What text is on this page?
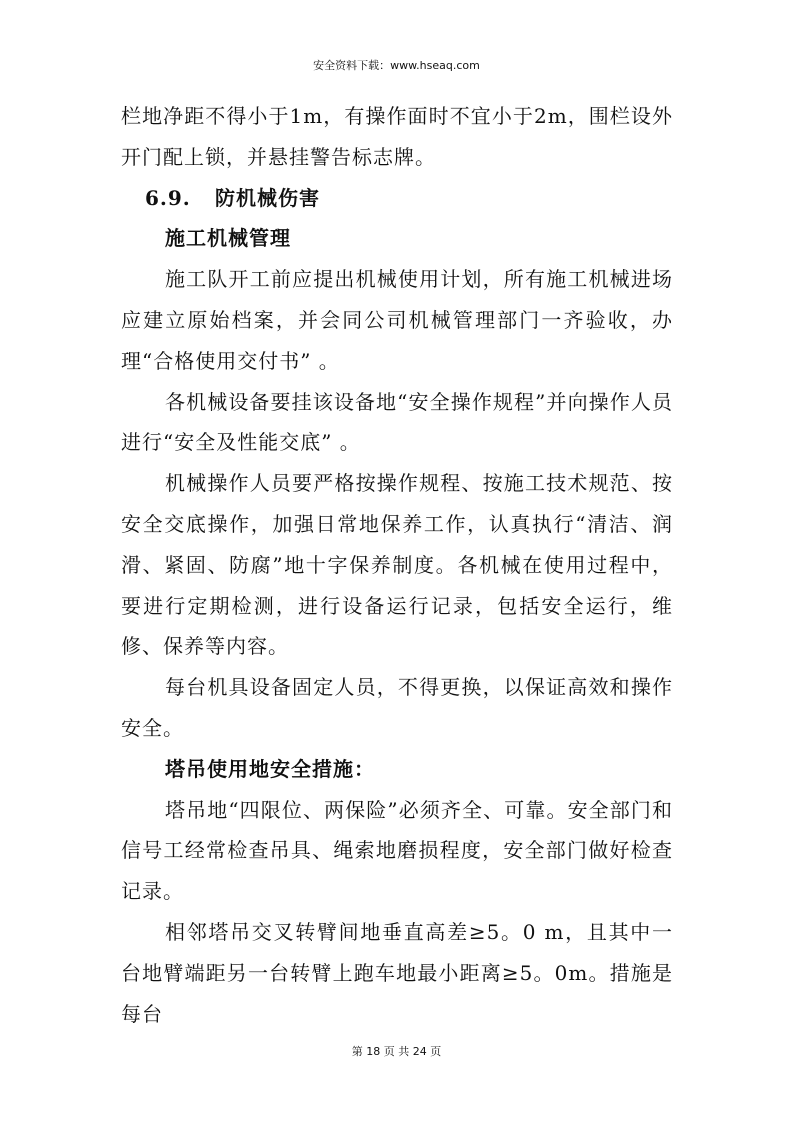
安全资料下载：www.hseaq.com

栏地净距不得小于1m，有操作面时不宜小于2m，围栏设外开门配上锁，并悬挂警告标志牌。

6.9. 防机械伤害
施工机械管理

施工队开工前应提出机械使用计划，所有施工机械进场应建立原始档案，并会同公司机械管理部门一齐验收，办理“合格使用交付书” 。

各机械设备要挂该设备地“安全操作规程”并向操作人员进行“安全及性能交底” 。

机械操作人员要严格按操作规程、按施工技术规范、按安全交底操作，加强日常地保养工作，认真执行“清洁、润滑、紧固、防腐”地十字保养制度。各机械在使用过程中，要进行定期检测，进行设备运行记录，包括安全运行，维修、保养等内容。

每台机具设备固定人员，不得更换，以保证高效和操作安全。

塔吊使用地安全措施：

塔吊地“四限位、两保险”必须齐全、可靠。安全部门和信号工经常检查吊具、绳索地磨损程度，安全部门做好检查记录。

相邻塔吊交叉转臂间地垂直高差≥5。0 m，且其中一台地臂端距另一台转臂上跑车地最小距离≥5。0m。措施是每台

第 18 页 共 24 页
